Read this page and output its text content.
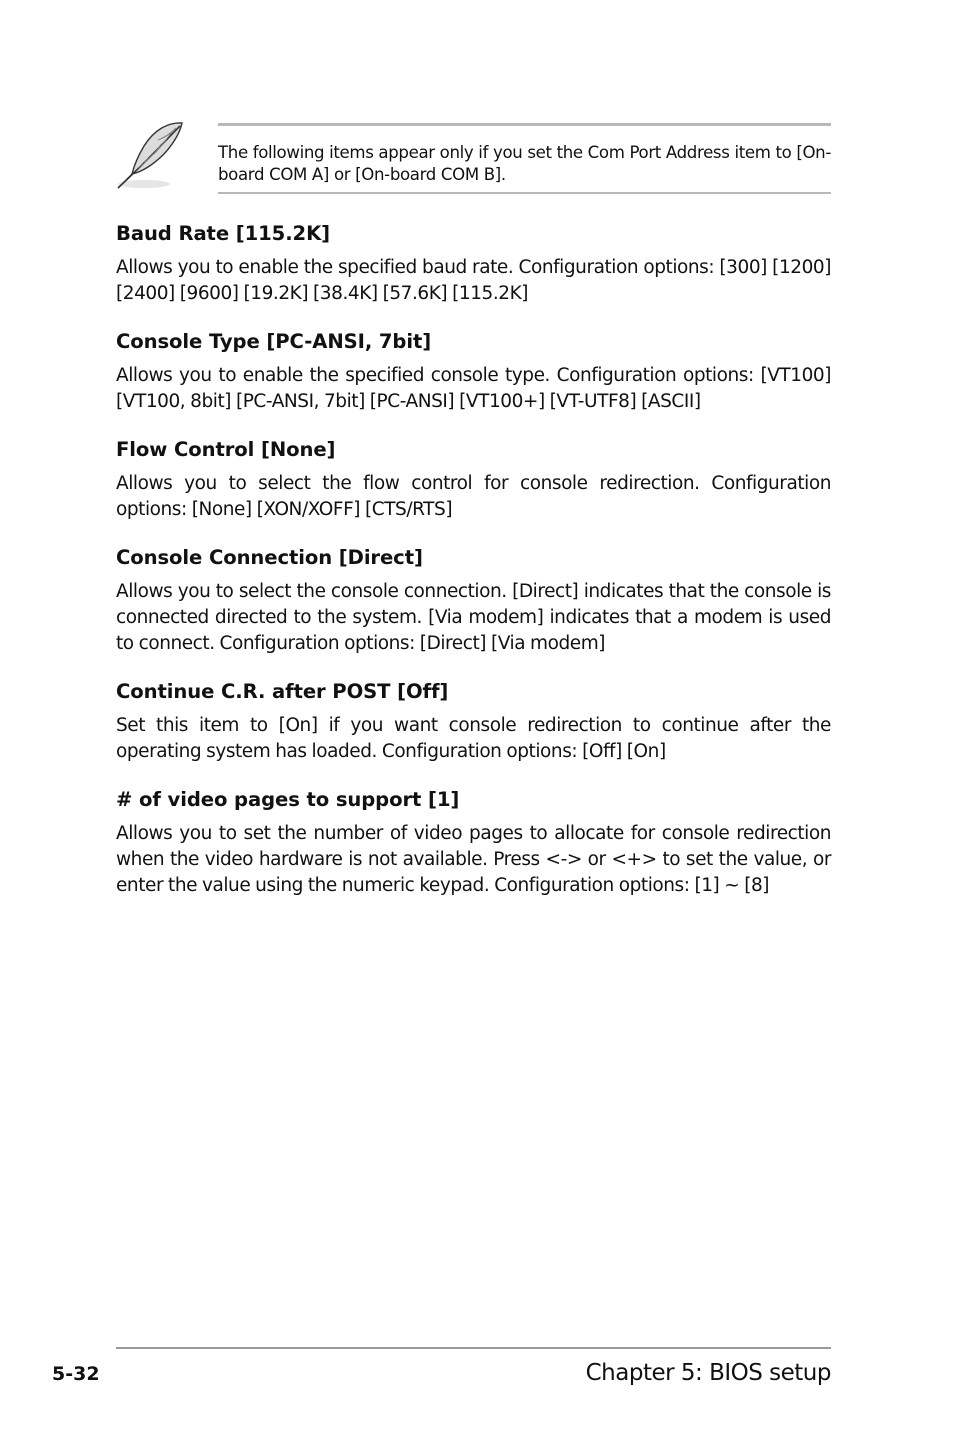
The following items appear only if you set the Com Port Address item to [On-board COM A] or [On-board COM B].

Baud Rate [115.2K]

Allows you to enable the specified baud rate. Configuration options: [300] [1200] [2400] [9600] [19.2K] [38.4K] [57.6K] [115.2K]

Console Type [PC-ANSI, 7bit]

Allows you to enable the specified console type. Configuration options: [VT100] [VT100, 8bit] [PC-ANSI, 7bit] [PC-ANSI] [VT100+] [VT-UTF8] [ASCII]

Flow Control [None]

Allows you to select the flow control for console redirection. Configuration options: [None] [XON/XOFF] [CTS/RTS]

Console Connection [Direct]

Allows you to select the console connection. [Direct] indicates that the console is connected directed to the system. [Via modem] indicates that a modem is used to connect. Configuration options: [Direct] [Via modem]

Continue C.R. after POST [Off]

Set this item to [On] if you want console redirection to continue after the operating system has loaded. Configuration options: [Off] [On]

# of video pages to support [1]

Allows you to set the number of video pages to allocate for console redirection when the video hardware is not available. Press <-> or <+> to set the value, or enter the value using the numeric keypad. Configuration options: [1] ~ [8]

5-32	Chapter 5: BIOS setup
